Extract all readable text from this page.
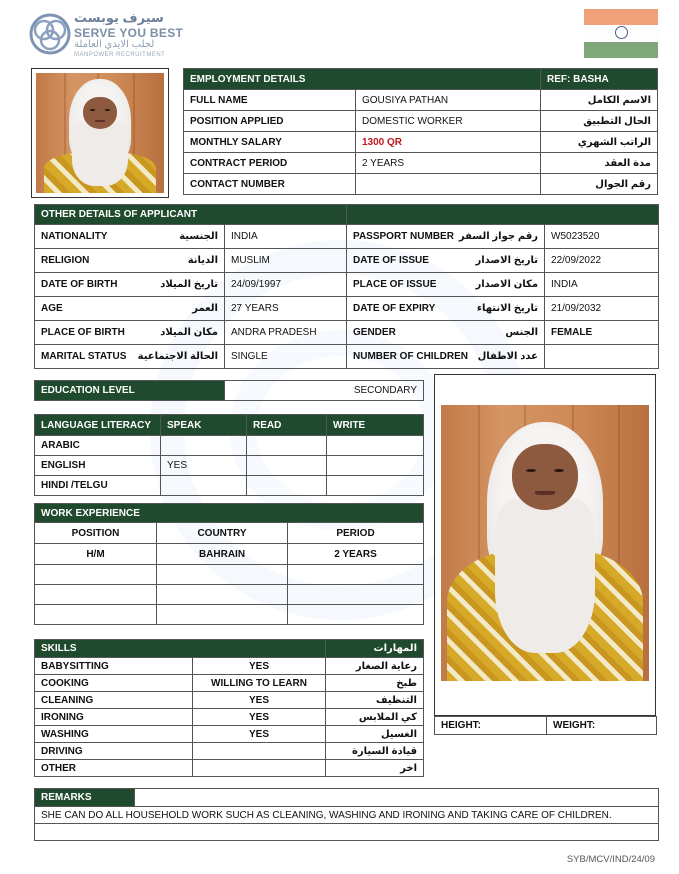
سيرف يوبست
SERVE YOU BEST
لجلب الايدي العاملة
MANPOWER RECRUITMENT
EMPLOYMENT DETAILS		REF: BASHA
FULL NAME	GOUSIYA PATHAN	الاسم الكامل
POSITION APPLIED	DOMESTIC WORKER	الحال التطبيق
MONTHLY SALARY	1300 QR	الراتب الشهري
CONTRACT PERIOD	2 YEARS	مدة العقد
CONTACT NUMBER		رقم الجوال
OTHER DETAILS OF APPLICANT			

NATIONALITY الجنسية	INDIA	PASSPORT NUMBER رقم جواز السفر	W5023520

RELIGION الديانة	MUSLIM	DATE OF ISSUE تاريخ الاصدار	22/09/2022

DATE OF BIRTH تاريخ الميلاد	24/09/1997	PLACE OF ISSUE مكان الاصدار	INDIA

AGE العمر	27 YEARS	DATE OF EXPIRY تاريخ الانتهاء	21/09/2032

PLACE OF BIRTH مكان الميلاد	ANDRA PRADESH	GENDER الجنس	FEMALE

MARITAL STATUS الحالة الاجتماعية	SINGLE	NUMBER OF CHILDREN عدد الاطفال	

EDUCATION LEVEL	SECONDARY
LANGUAGE LITERACY	SPEAK	READ	WRITE
ARABIC			
ENGLISH	YES		
HINDI /TELGU			
WORK EXPERIENCE		
POSITION	COUNTRY	PERIOD
H/M	BAHRAIN	2 YEARS

SKILLS		المهارات
BABYSITTING	YES	رعاية الصغار
COOKING	WILLING TO LEARN	طبخ
CLEANING	YES	التنظيف
IRONING	YES	كي الملابس
WASHING	YES	الغسيل
DRIVING		قيادة السيارة
OTHER		اخر
HEIGHT:	WEIGHT:
REMARKS	
SHE CAN DO ALL HOUSEHOLD WORK SUCH AS CLEANING, WASHING AND IRONING AND TAKING CARE OF CHILDREN.

SYB/MCV/IND/24/09
